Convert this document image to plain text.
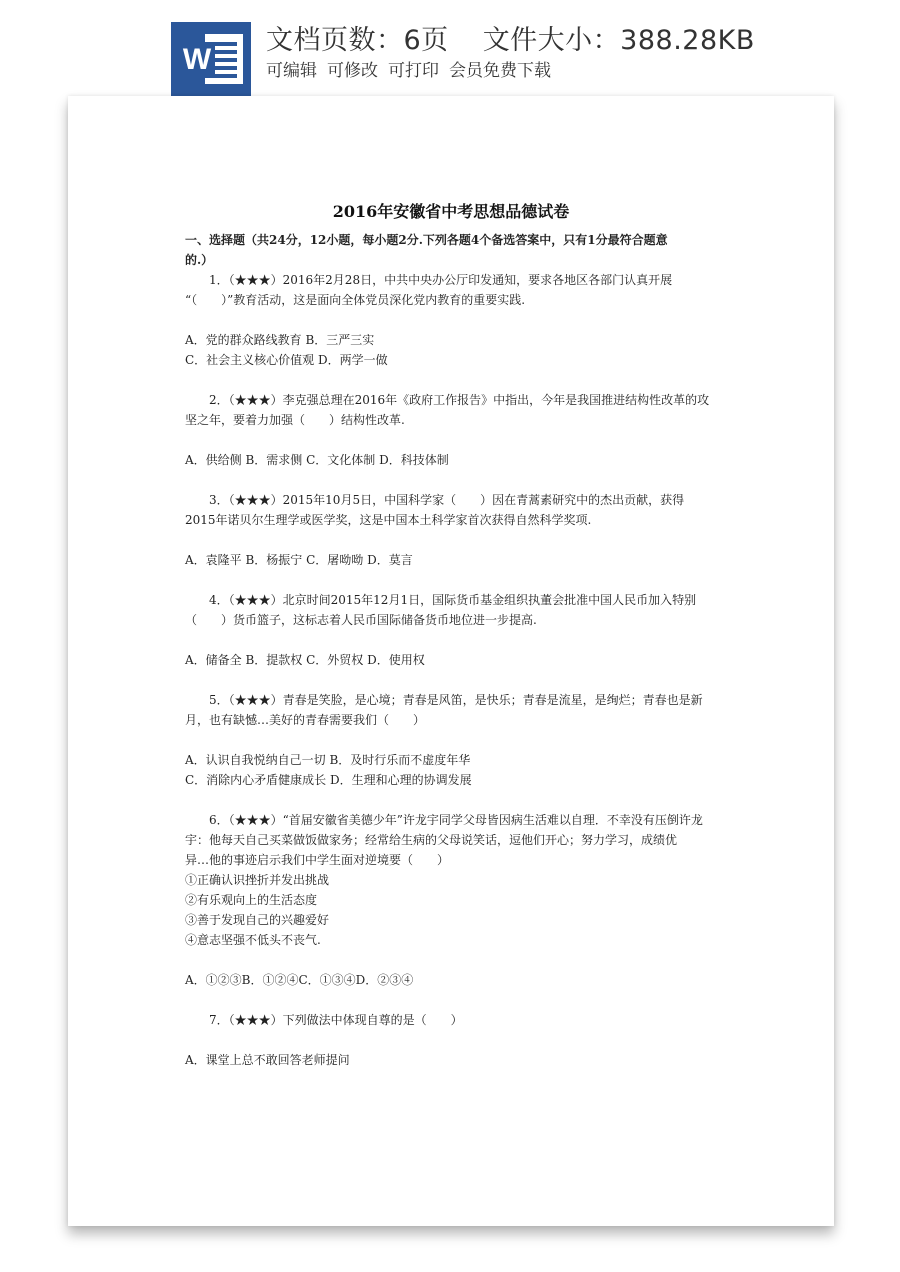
W
文档页数：6页 文件大小：388.28KB
可编辑 可修改 可打印 会员免费下载
2016年安徽省中考思想品德试卷

一、选择题（共24分，12小题，每小题2分.下列各题4个备选答案中，只有1分最符合题意

的.）

1．（★★★）2016年2月28日，中共中央办公厅印发通知，要求各地区各部门认真开展

“（　　）”教育活动，这是面向全体党员深化党内教育的重要实践.

A．党的群众路线教育 B．三严三实

C．社会主义核心价值观 D．两学一做

2．（★★★）李克强总理在2016年《政府工作报告》中指出，今年是我国推进结构性改革的攻

坚之年，要着力加强（　　）结构性改革.

A．供给侧 B．需求侧 C．文化体制 D．科技体制

3．（★★★）2015年10月5日，中国科学家（　　）因在青蒿素研究中的杰出贡献，获得

2015年诺贝尔生理学或医学奖，这是中国本土科学家首次获得自然科学奖项.

A．袁隆平 B．杨振宁 C．屠呦呦 D．莫言

4．（★★★）北京时间2015年12月1日，国际货币基金组织执董会批准中国人民币加入特别

（　　）货币篮子，这标志着人民币国际储备货币地位进一步提高.

A．储备全 B．提款权 C．外贸权 D．使用权

5．（★★★）青春是笑脸，是心境；青春是风笛，是快乐；青春是流星，是绚烂；青春也是新

月，也有缺憾…美好的青春需要我们（　　）

A．认识自我悦纳自己一切 B．及时行乐而不虚度年华

C．消除内心矛盾健康成长 D．生理和心理的协调发展

6．（★★★）“首届安徽省美德少年”许龙宇同学父母皆因病生活难以自理．不幸没有压倒许龙

宇：他每天自己买菜做饭做家务；经常给生病的父母说笑话，逗他们开心；努力学习，成绩优

异…他的事迹启示我们中学生面对逆境要（　　）

①正确认识挫折并发出挑战

②有乐观向上的生活态度

③善于发现自己的兴趣爱好

④意志坚强不低头不丧气.

A．①②③B．①②④C．①③④D．②③④

7．（★★★）下列做法中体现自尊的是（　　）

A．课堂上总不敢回答老师提问
